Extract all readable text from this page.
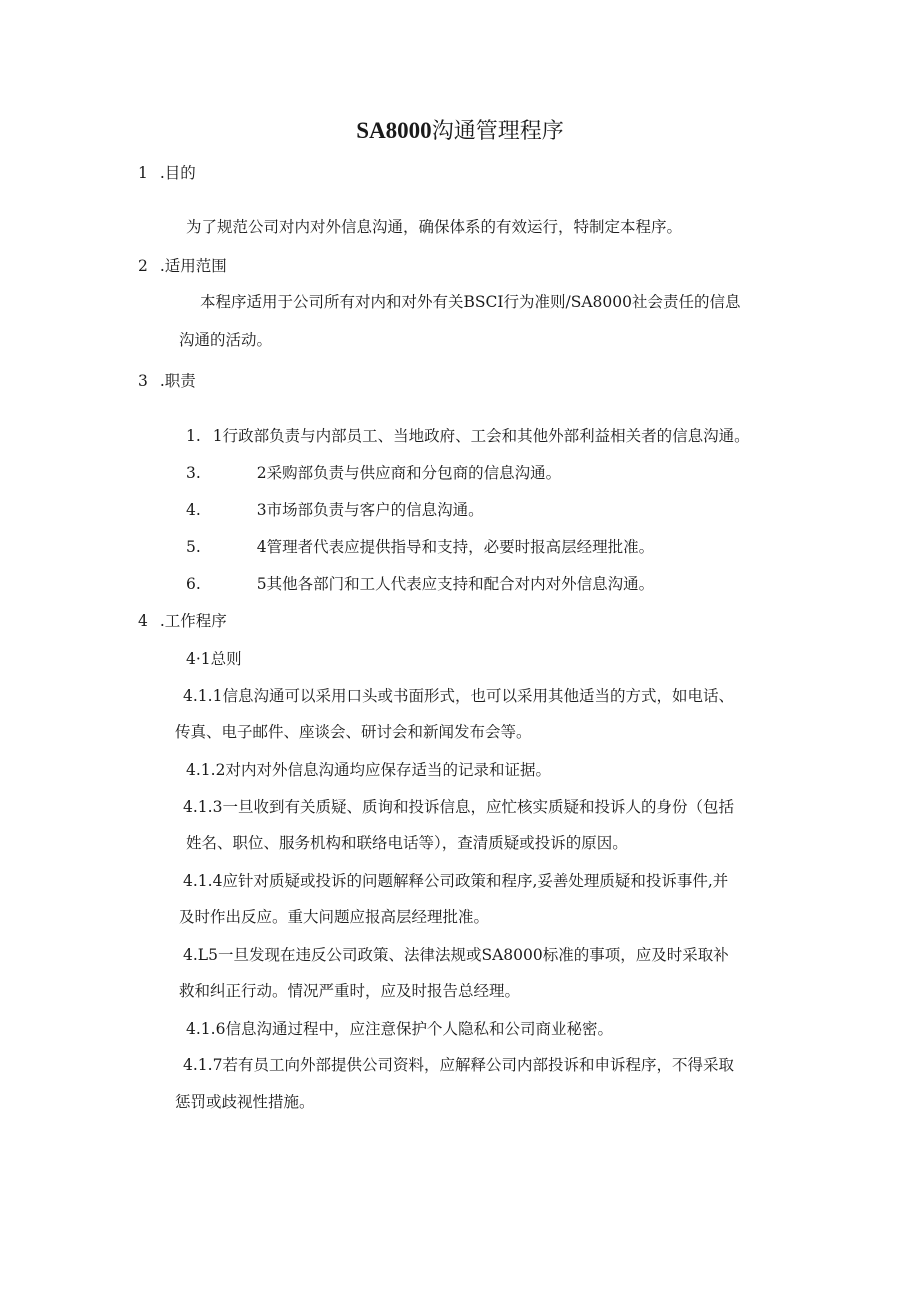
SA8000沟通管理程序
1 .目的
为了规范公司对内对外信息沟通，确保体系的有效运行，特制定本程序。
2 .适用范围
本程序适用于公司所有对内和对外有关BSCI行为准则/SA8000社会责任的信息
沟通的活动。
3 .职责
1. 1行政部负责与内部员工、当地政府、工会和其他外部利益相关者的信息沟通。
3.	2采购部负责与供应商和分包商的信息沟通。
4.	3市场部负责与客户的信息沟通。
5.	4管理者代表应提供指导和支持，必要时报高层经理批准。
6.	5其他各部门和工人代表应支持和配合对内对外信息沟通。
4 .工作程序
4·1总则
4.1.1信息沟通可以采用口头或书面形式，也可以采用其他适当的方式，如电话、
传真、电子邮件、座谈会、研讨会和新闻发布会等。
4.1.2对内对外信息沟通均应保存适当的记录和证据。
4.1.3一旦收到有关质疑、质询和投诉信息，应忙核实质疑和投诉人的身份（包括
姓名、职位、服务机构和联络电话等），查清质疑或投诉的原因。
4.1.4应针对质疑或投诉的问题解释公司政策和程序,妥善处理质疑和投诉事件,并
及时作出反应。重大问题应报高层经理批准。
4.L5一旦发现在违反公司政策、法律法规或SA8000标准的事项，应及时采取补
救和纠正行动。情况严重时，应及时报告总经理。
4.1.6信息沟通过程中，应注意保护个人隐私和公司商业秘密。
4.1.7若有员工向外部提供公司资料，应解释公司内部投诉和申诉程序，不得采取
惩罚或歧视性措施。
